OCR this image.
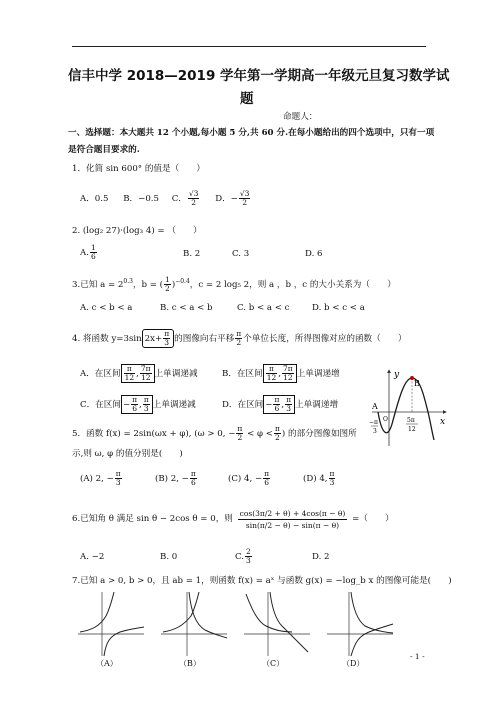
信丰中学 2018—2019 学年第一学期高一年级元旦复习数学试
题
命题人：
一、选择题：本大题共 12 个小题,每小题 5 分,共 60 分.在每小题给出的四个选项中，只有一项
是符合题目要求的.
1．化简 sin 600° 的值是（　　）
A．0.5 B．−0.5 C． $\frac{√3}{2}$ D．− $\frac{√3}{2}$
2. (log₂ 27)·(log₃ 4) = （　　）
A. $\frac{1}{6}$	B. 2	C. 3	D. 6
3.已知 $a = 2^{0.3}$，b = ( $\frac{1}{2} )^{-0.4}$，c = 2 log₅ 2，则 a ，b ，c 的大小关系为（　　）
A. c < b < a	B. c < a < b	C. b < a < c	D. b < c < a
4. 将函数 y=3sin $2x+ \frac{\pi}{3}$ 的图像向右平移 $\frac{\pi}{2}$ 个单位长度，所得图像对应的函数（　　）
A．在区间 $\frac{\pi}{12}$ , $\frac{7\pi}{12}$ 上单调递减	B．在区间 $\frac{\pi}{12}$ , $\frac{7\pi}{12}$ 上单调递增
C．在区间 − $\frac{\pi}{6}$ , $\frac{\pi}{3}$ 上单调递减	D．在区间 − $\frac{\pi}{6}$ , $\frac{\pi}{3}$ 上单调递增
y
x
O
A
B
−π
3
5π
12
5．函数 f(x) = 2sin(ωx + φ), (ω > 0, − $\frac{\pi}{2} < \varphi < \frac{\pi}{2}$ ) 的部分图像如图所
示,则 ω, φ 的值分别是(　　)
(A) 2, − $\frac{\pi}{3}$	(B) 2, − $\frac{\pi}{6}$	(C) 4, − $\frac{\pi}{6}$	(D) 4, $\frac{\pi}{3}$
6.已知角 θ 满足 sin θ − 2cos θ = 0，则 $\frac{\cos(3\pi/2 + \theta) + 4\cos(\pi - \theta)}{\sin(\pi/2 - \theta) - \sin(\pi - \theta)}$ =（　　）
A. −2	B. 0	C. $\frac{2}{3}$	D. 2
7.已知 a > 0, b > 0，且 ab = 1，则函数 f(x) = aˣ 与函数 g(x) = −log_b x 的图像可能是(　　)
（A）	（B）	（C）	（D）
- 1 -
